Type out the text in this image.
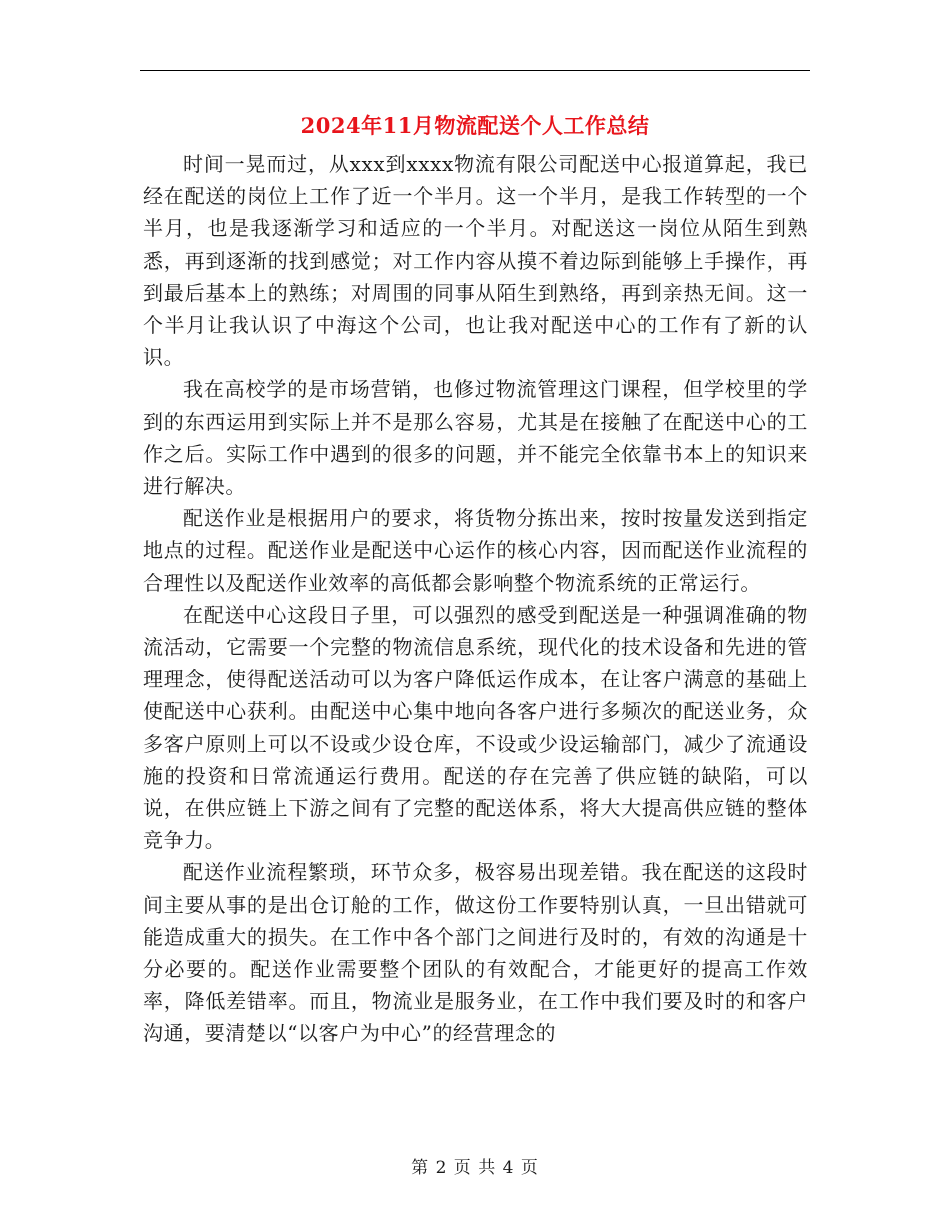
2024年11月物流配送个人工作总结

时间一晃而过，从xxx到xxxx物流有限公司配送中心报道算起，我已经在配送的岗位上工作了近一个半月。这一个半月，是我工作转型的一个半月，也是我逐渐学习和适应的一个半月。对配送这一岗位从陌生到熟悉，再到逐渐的找到感觉；对工作内容从摸不着边际到能够上手操作，再到最后基本上的熟练；对周围的同事从陌生到熟络，再到亲热无间。这一个半月让我认识了中海这个公司，也让我对配送中心的工作有了新的认识。

我在高校学的是市场营销，也修过物流管理这门课程，但学校里的学到的东西运用到实际上并不是那么容易，尤其是在接触了在配送中心的工作之后。实际工作中遇到的很多的问题，并不能完全依靠书本上的知识来进行解决。

配送作业是根据用户的要求，将货物分拣出来，按时按量发送到指定地点的过程。配送作业是配送中心运作的核心内容，因而配送作业流程的合理性以及配送作业效率的高低都会影响整个物流系统的正常运行。

在配送中心这段日子里，可以强烈的感受到配送是一种强调准确的物流活动，它需要一个完整的物流信息系统，现代化的技术设备和先进的管理理念，使得配送活动可以为客户降低运作成本，在让客户满意的基础上使配送中心获利。由配送中心集中地向各客户进行多频次的配送业务，众多客户原则上可以不设或少设仓库，不设或少设运输部门，减少了流通设施的投资和日常流通运行费用。配送的存在完善了供应链的缺陷，可以说，在供应链上下游之间有了完整的配送体系，将大大提高供应链的整体竞争力。

配送作业流程繁琐，环节众多，极容易出现差错。我在配送的这段时间主要从事的是出仓订舱的工作，做这份工作要特别认真，一旦出错就可能造成重大的损失。在工作中各个部门之间进行及时的，有效的沟通是十分必要的。配送作业需要整个团队的有效配合，才能更好的提高工作效率，降低差错率。而且，物流业是服务业，在工作中我们要及时的和客户沟通，要清楚以“以客户为中心”的经营理念的

第 2 页 共 4 页
